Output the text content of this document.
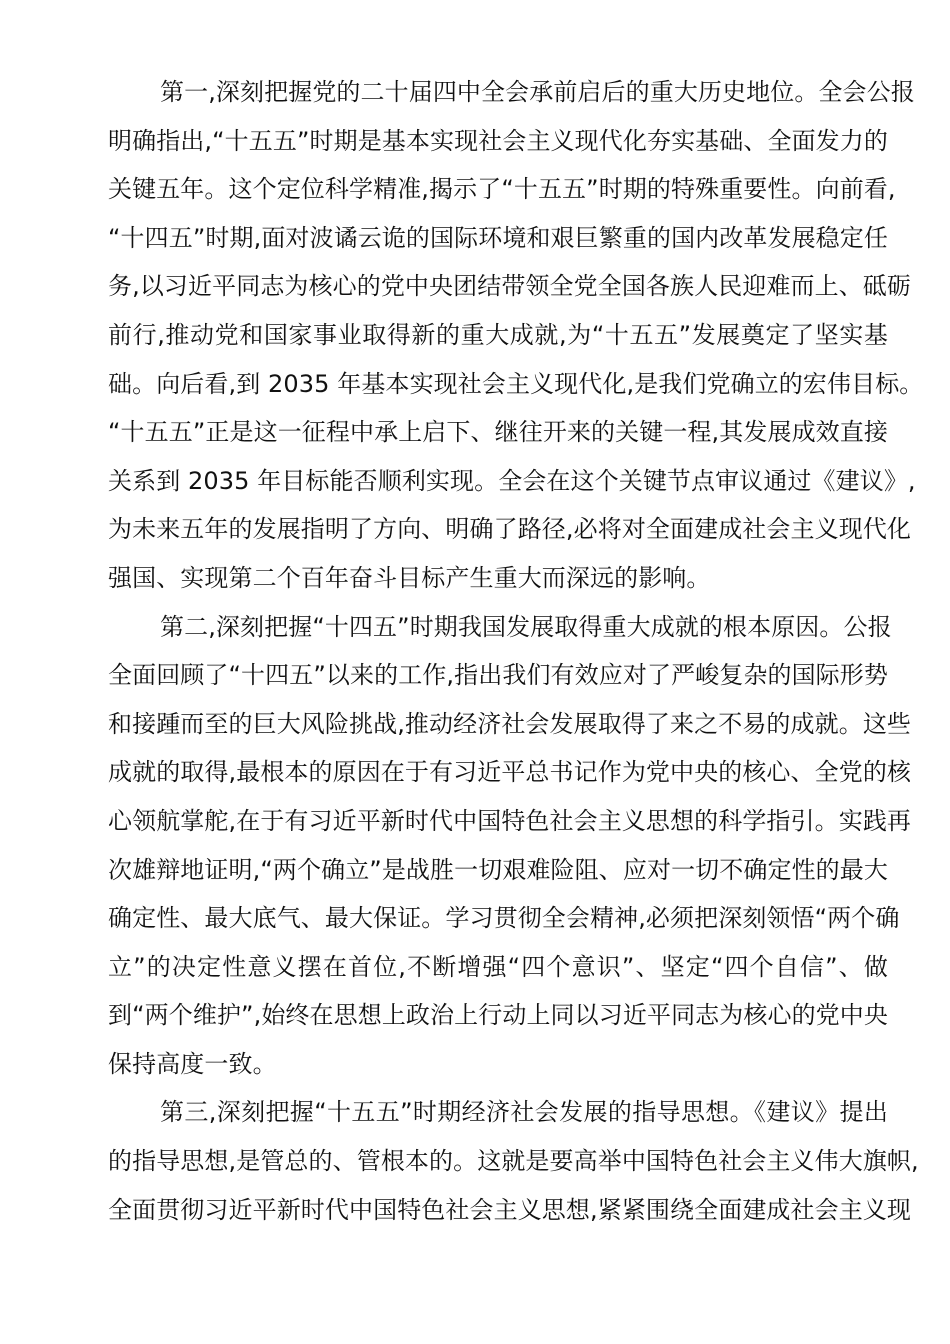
第一,深刻把握党的二十届四中全会承前启后的重大历史地位。全会公报
明确指出,“十五五”时期是基本实现社会主义现代化夯实基础、全面发力的
关键五年。这个定位科学精准,揭示了“十五五”时期的特殊重要性。向前看,
“十四五”时期,面对波谲云诡的国际环境和艰巨繁重的国内改革发展稳定任
务,以习近平同志为核心的党中央团结带领全党全国各族人民迎难而上、砥砺
前行,推动党和国家事业取得新的重大成就,为“十五五”发展奠定了坚实基
础。向后看,到 2035 年基本实现社会主义现代化,是我们党确立的宏伟目标。
“十五五”正是这一征程中承上启下、继往开来的关键一程,其发展成效直接
关系到 2035 年目标能否顺利实现。全会在这个关键节点审议通过《建议》,
为未来五年的发展指明了方向、明确了路径,必将对全面建成社会主义现代化
强国、实现第二个百年奋斗目标产生重大而深远的影响。
第二,深刻把握“十四五”时期我国发展取得重大成就的根本原因。公报
全面回顾了“十四五”以来的工作,指出我们有效应对了严峻复杂的国际形势
和接踵而至的巨大风险挑战,推动经济社会发展取得了来之不易的成就。这些
成就的取得,最根本的原因在于有习近平总书记作为党中央的核心、全党的核
心领航掌舵,在于有习近平新时代中国特色社会主义思想的科学指引。实践再
次雄辩地证明,“两个确立”是战胜一切艰难险阻、应对一切不确定性的最大
确定性、最大底气、最大保证。学习贯彻全会精神,必须把深刻领悟“两个确
立”的决定性意义摆在首位,不断增强“四个意识”、坚定“四个自信”、做
到“两个维护”,始终在思想上政治上行动上同以习近平同志为核心的党中央
保持高度一致。
第三,深刻把握“十五五”时期经济社会发展的指导思想。《建议》提出
的指导思想,是管总的、管根本的。这就是要高举中国特色社会主义伟大旗帜,
全面贯彻习近平新时代中国特色社会主义思想,紧紧围绕全面建成社会主义现
